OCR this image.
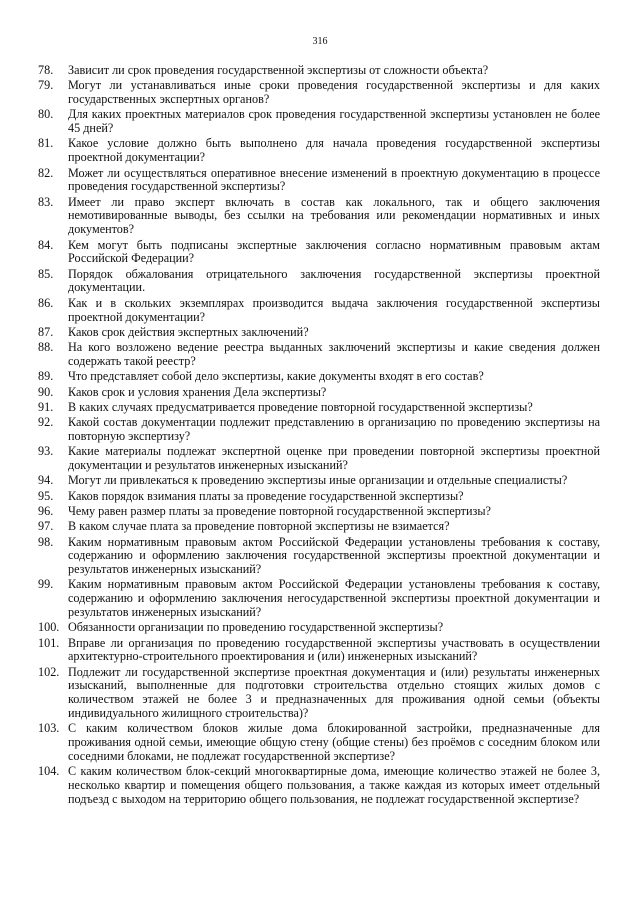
316
78.	Зависит ли срок проведения государственной экспертизы от сложности объекта?
79.	Могут ли устанавливаться иные сроки проведения государственной экспертизы и для каких государственных экспертных органов?
80.	Для каких проектных материалов срок проведения государственной экспертизы установлен не более 45 дней?
81.	Какое условие должно быть выполнено для начала проведения государственной экспертизы проектной документации?
82.	Может ли осуществляться оперативное внесение изменений в проектную документацию в процессе проведения государственной экспертизы?
83.	Имеет ли право эксперт включать в состав как локального, так и общего заключения немотивированные выводы, без ссылки на требования или рекомендации нормативных и иных документов?
84.	Кем могут быть подписаны экспертные заключения согласно нормативным правовым актам Российской Федерации?
85.	Порядок обжалования отрицательного заключения государственной экспертизы проектной документации.
86.	Как и в скольких экземплярах производится выдача заключения государственной экспертизы проектной документации?
87.	Каков срок действия экспертных заключений?
88.	На кого возложено ведение реестра выданных заключений экспертизы и какие сведения должен содержать такой реестр?
89.	Что представляет собой дело экспертизы, какие документы входят в его состав?
90.	Каков срок и условия хранения Дела экспертизы?
91.	В каких случаях предусматривается проведение повторной государственной экспертизы?
92.	Какой состав документации подлежит представлению в организацию по проведению экспертизы на повторную экспертизу?
93.	Какие материалы подлежат экспертной оценке при проведении повторной экспертизы проектной документации и результатов инженерных изысканий?
94.	Могут ли привлекаться к проведению экспертизы иные организации и отдельные специалисты?
95.	Каков порядок взимания платы за проведение государственной экспертизы?
96.	Чему равен размер платы за проведение повторной государственной экспертизы?
97.	В каком случае плата за проведение повторной экспертизы не взимается?
98.	Каким нормативным правовым актом Российской Федерации установлены требования к составу, содержанию и оформлению заключения государственной экспертизы проектной документации и результатов инженерных изысканий?
99.	Каким нормативным правовым актом Российской Федерации установлены требования к составу, содержанию и оформлению заключения негосударственной экспертизы проектной документации и результатов инженерных изысканий?
100. Обязанности организации по проведению государственной экспертизы?
101. Вправе ли организация по проведению государственной экспертизы участвовать в осуществлении архитектурно-строительного проектирования и (или) инженерных изысканий?
102. Подлежит ли государственной экспертизе проектная документация и (или) результаты инженерных изысканий, выполненные для подготовки строительства отдельно стоящих жилых домов с количеством этажей не более 3 и предназначенных для проживания одной семьи (объекты индивидуального жилищного строительства)?
103. С каким количеством блоков жилые дома блокированной застройки, предназначенные для проживания одной семьи, имеющие общую стену (общие стены) без проёмов с соседним блоком или соседними блоками, не подлежат государственной экспертизе?
104. С каким количеством блок-секций многоквартирные дома, имеющие количество этажей не более 3, несколько квартир и помещения общего пользования, а также каждая из которых имеет отдельный подъезд с выходом на территорию общего пользования, не подлежат государственной экспертизе?
